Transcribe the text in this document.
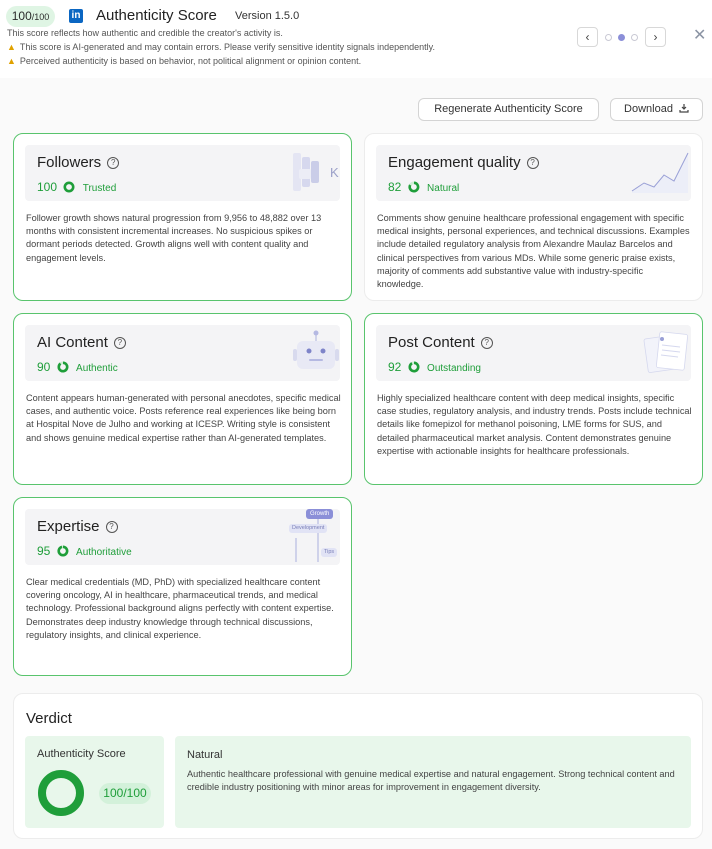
100/100	in Authenticity Score Version 1.5.0
This score reflects how authentic and credible the creator's activity is.
▲ This score is AI-generated and may contain errors. Please verify sensitive identity signals independently.
▲ Perceived authenticity is based on behavior, not political alignment or opinion content.
‹	›	✕
Regenerate Authenticity Score	Download
Followers ?
100	Trusted
K
Follower growth shows natural progression from 9,956 to 48,882 over 13 months with consistent incremental increases. No suspicious spikes or dormant periods detected. Growth aligns well with content quality and engagement levels.
Engagement quality ?
82	Natural
Comments show genuine healthcare professional engagement with specific medical insights, personal experiences, and technical discussions. Examples include detailed regulatory analysis from Alexandre Maulaz Barcelos and clinical perspectives from various MDs. While some generic praise exists, majority of comments add substantive value with industry-specific knowledge.
AI Content ?
90	Authentic
Content appears human-generated with personal anecdotes, specific medical cases, and authentic voice. Posts reference real experiences like being born at Hospital Nove de Julho and working at ICESP. Writing style is consistent and shows genuine medical expertise rather than AI-generated templates.
Post Content ?
92	Outstanding
Highly specialized healthcare content with deep medical insights, specific case studies, regulatory analysis, and industry trends. Posts include technical details like fomepizol for methanol poisoning, LME forms for SUS, and detailed pharmaceutical market analysis. Content demonstrates genuine expertise with actionable insights for healthcare professionals.
Expertise ?
95	Authoritative
Growth
Development
Tips
Clear medical credentials (MD, PhD) with specialized healthcare content covering oncology, AI in healthcare, pharmaceutical trends, and medical technology. Professional background aligns perfectly with content expertise. Demonstrates deep industry knowledge through technical discussions, regulatory insights, and clinical experience.
Verdict
Authenticity Score
100/100
Natural
Authentic healthcare professional with genuine medical expertise and natural engagement. Strong technical content and credible industry positioning with minor areas for improvement in engagement diversity.
